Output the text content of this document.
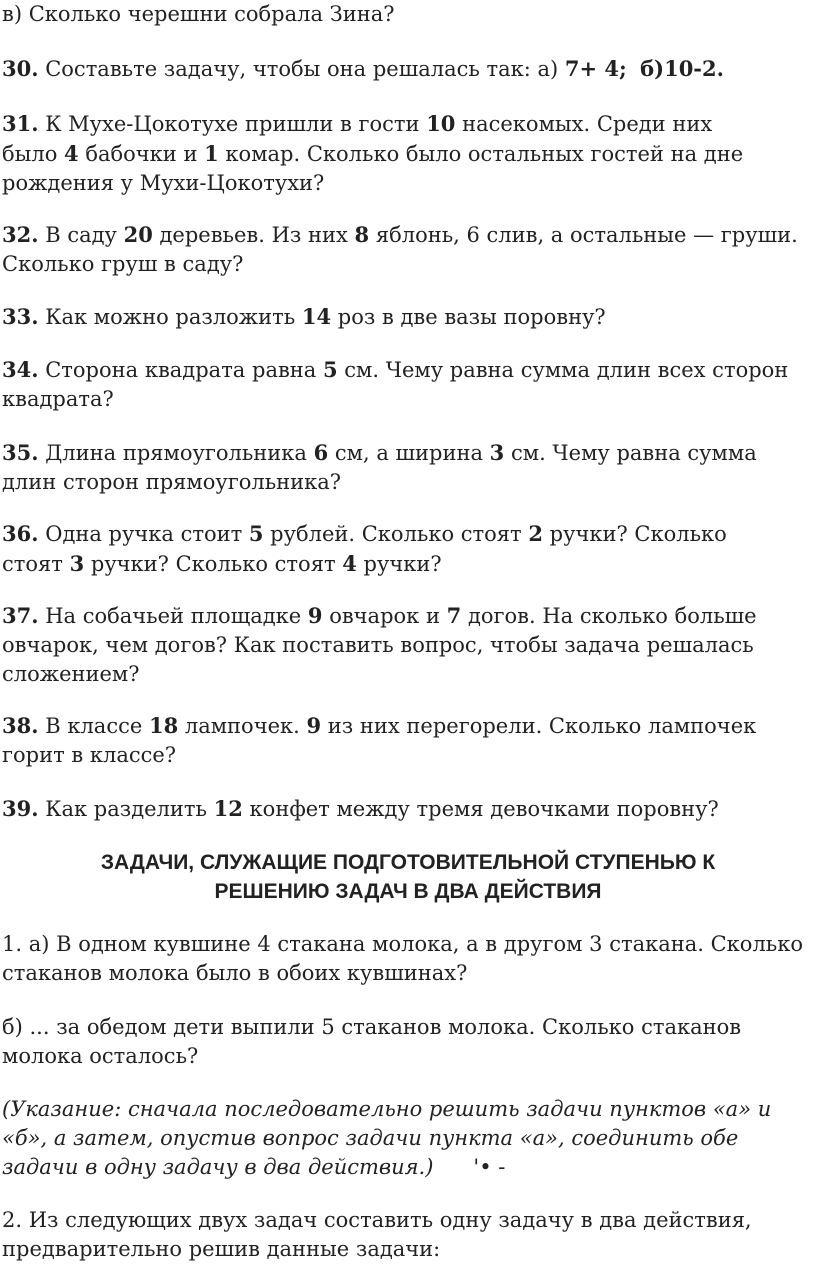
в) Сколько черешни собрала Зина?

30. Составьте задачу, чтобы она решалась так: а) 7+ 4; б)10-2.

31. К Мухе-Цокотухе пришли в гости 10 насекомых. Среди них
было 4 бабочки и 1 комар. Сколько было остальных гостей на дне
рождения у Мухи-Цокотухи?

32. В саду 20 деревьев. Из них 8 яблонь, 6 слив, а остальные — груши.
Сколько груш в саду?

33. Как можно разложить 14 роз в две вазы поровну?

34. Сторона квадрата равна 5 см. Чему равна сумма длин всех сторон
квадрата?

35. Длина прямоугольника 6 см, а ширина 3 см. Чему равна сумма
длин сторон прямоугольника?

36. Одна ручка стоит 5 рублей. Сколько стоят 2 ручки? Сколько
стоят 3 ручки? Сколько стоят 4 ручки?

37. На собачьей площадке 9 овчарок и 7 догов. На сколько больше
овчарок, чем догов? Как поставить вопрос, чтобы задача решалась
сложением?

38. В классе 18 лампочек. 9 из них перегорели. Сколько лампочек
горит в классе?

39. Как разделить 12 конфет между тремя девочками поровну?

ЗАДАЧИ, СЛУЖАЩИЕ ПОДГОТОВИТЕЛЬНОЙ СТУПЕНЬЮ К

РЕШЕНИЮ ЗАДАЧ В ДВА ДЕЙСТВИЯ

1. а) В одном кувшине 4 стакана молока, а в другом 3 стакана. Сколько
стаканов молока было в обоих кувшинах?

б) ... за обедом дети выпили 5 стаканов молока. Сколько стаканов
молока осталось?

(Указание: сначала последовательно решить задачи пунктов «а» и
«б», а затем, опустив вопрос задачи пункта «а», соединить обе
задачи в одну задачу в два действия.) '• -

2. Из следующих двух задач составить одну задачу в два действия,
предварительно решив данные задачи:
